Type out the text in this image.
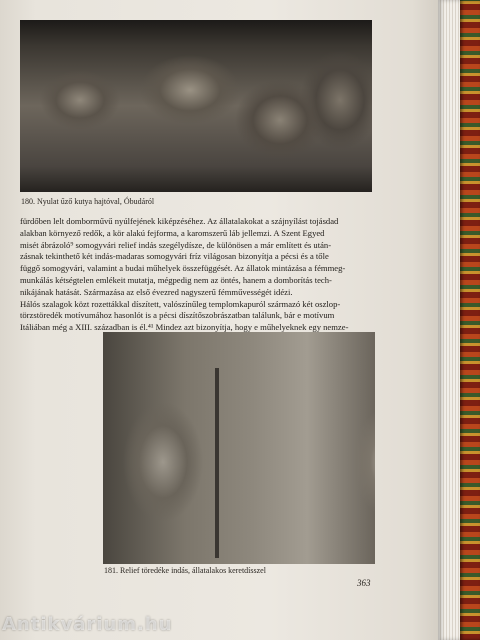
180. Nyulat űző kutya hajtóval, Óbudáról
fürdőben lelt domborművű nyúlfejének kiképzéséhez. Az állatalakokat a szájnyílást tojásdad
alakban környező redők, a kör alakú fejforma, a karomszerű láb jellemzi. A Szent Egyed
misét ábrázoló⁹ somogyvári relief indás szegélydísze, de különösen a már említett és után-
zásnak tekinthető két indás-madaras somogyvári fríz világosan bizonyítja a pécsi és a tőle
függő somogyvári, valamint a budai műhelyek összefüggését. Az állatok mintázása a fémmeg-
munkálás kétségtelen emlékeit mutatja, mégpedig nem az öntés, hanem a domborítás tech-
nikájának hatását. Származása az első évezred nagyszerű fémművességét idézi.
Hálós szalagok közt rozettákkal díszített, valószínűleg templomkapuról származó két oszlop-
törzstöredék motívumához hasonlót is a pécsi díszítőszobrászatban találunk, bár e motívum
Itáliában még a XIII. században is él.⁴¹ Mindez azt bizonyítja, hogy e műhelyeknek egy nemze-
181. Relief töredéke indás, állatalakos keretdísszel
363
Antikvárium.hu
